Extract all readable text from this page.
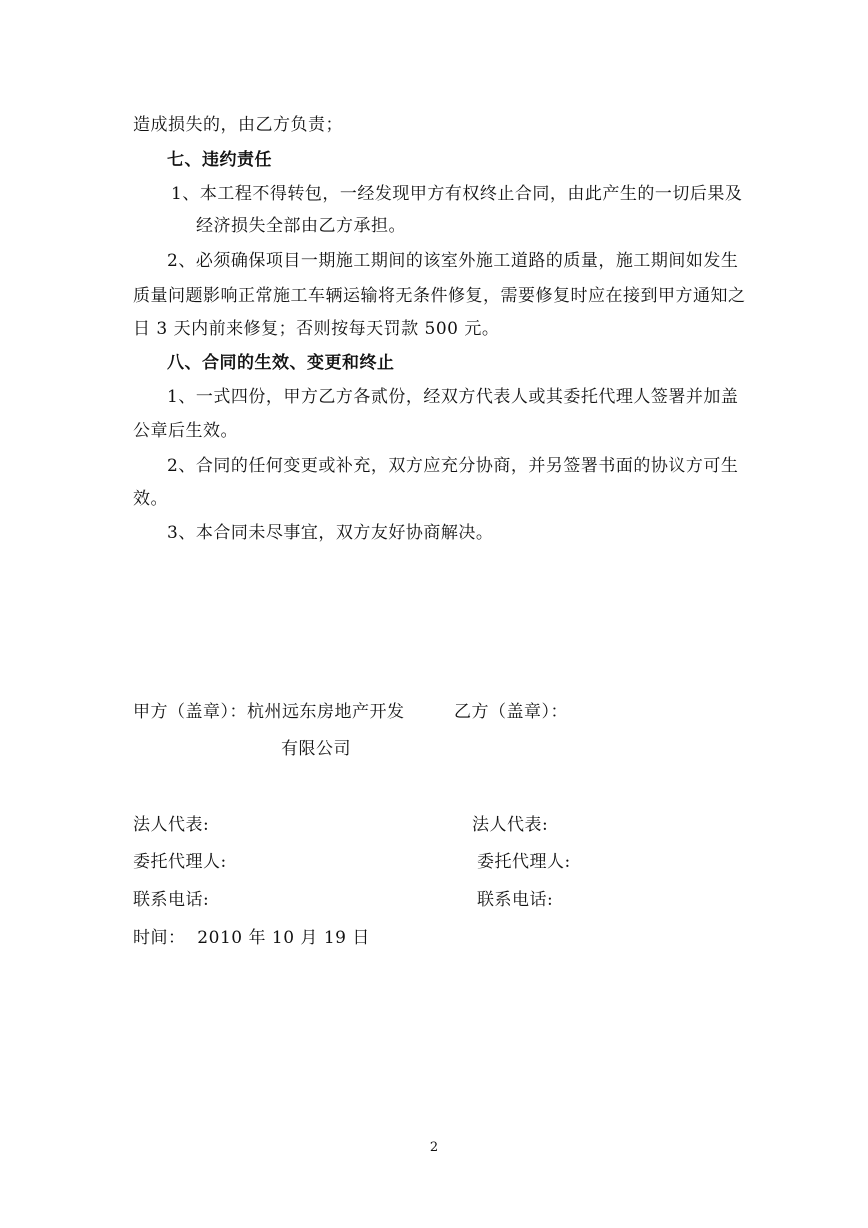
造成损失的，由乙方负责；
七、违约责任
1、本工程不得转包，一经发现甲方有权终止合同，由此产生的一切后果及
经济损失全部由乙方承担。
2、必须确保项目一期施工期间的该室外施工道路的质量，施工期间如发生
质量问题影响正常施工车辆运输将无条件修复，需要修复时应在接到甲方通知之
日 3 天内前来修复；否则按每天罚款 500 元。
八、合同的生效、变更和终止
1、一式四份，甲方乙方各贰份，经双方代表人或其委托代理人签署并加盖
公章后生效。
2、合同的任何变更或补充，双方应充分协商，并另签署书面的协议方可生
效。
3、本合同未尽事宜，双方友好协商解决。
甲方（盖章）：杭州远东房地产开发	乙方（盖章）：
有限公司
法人代表:	法人代表:
委托代理人:	委托代理人:
联系电话:	联系电话:
时间：  2010 年 10 月 19 日
2
